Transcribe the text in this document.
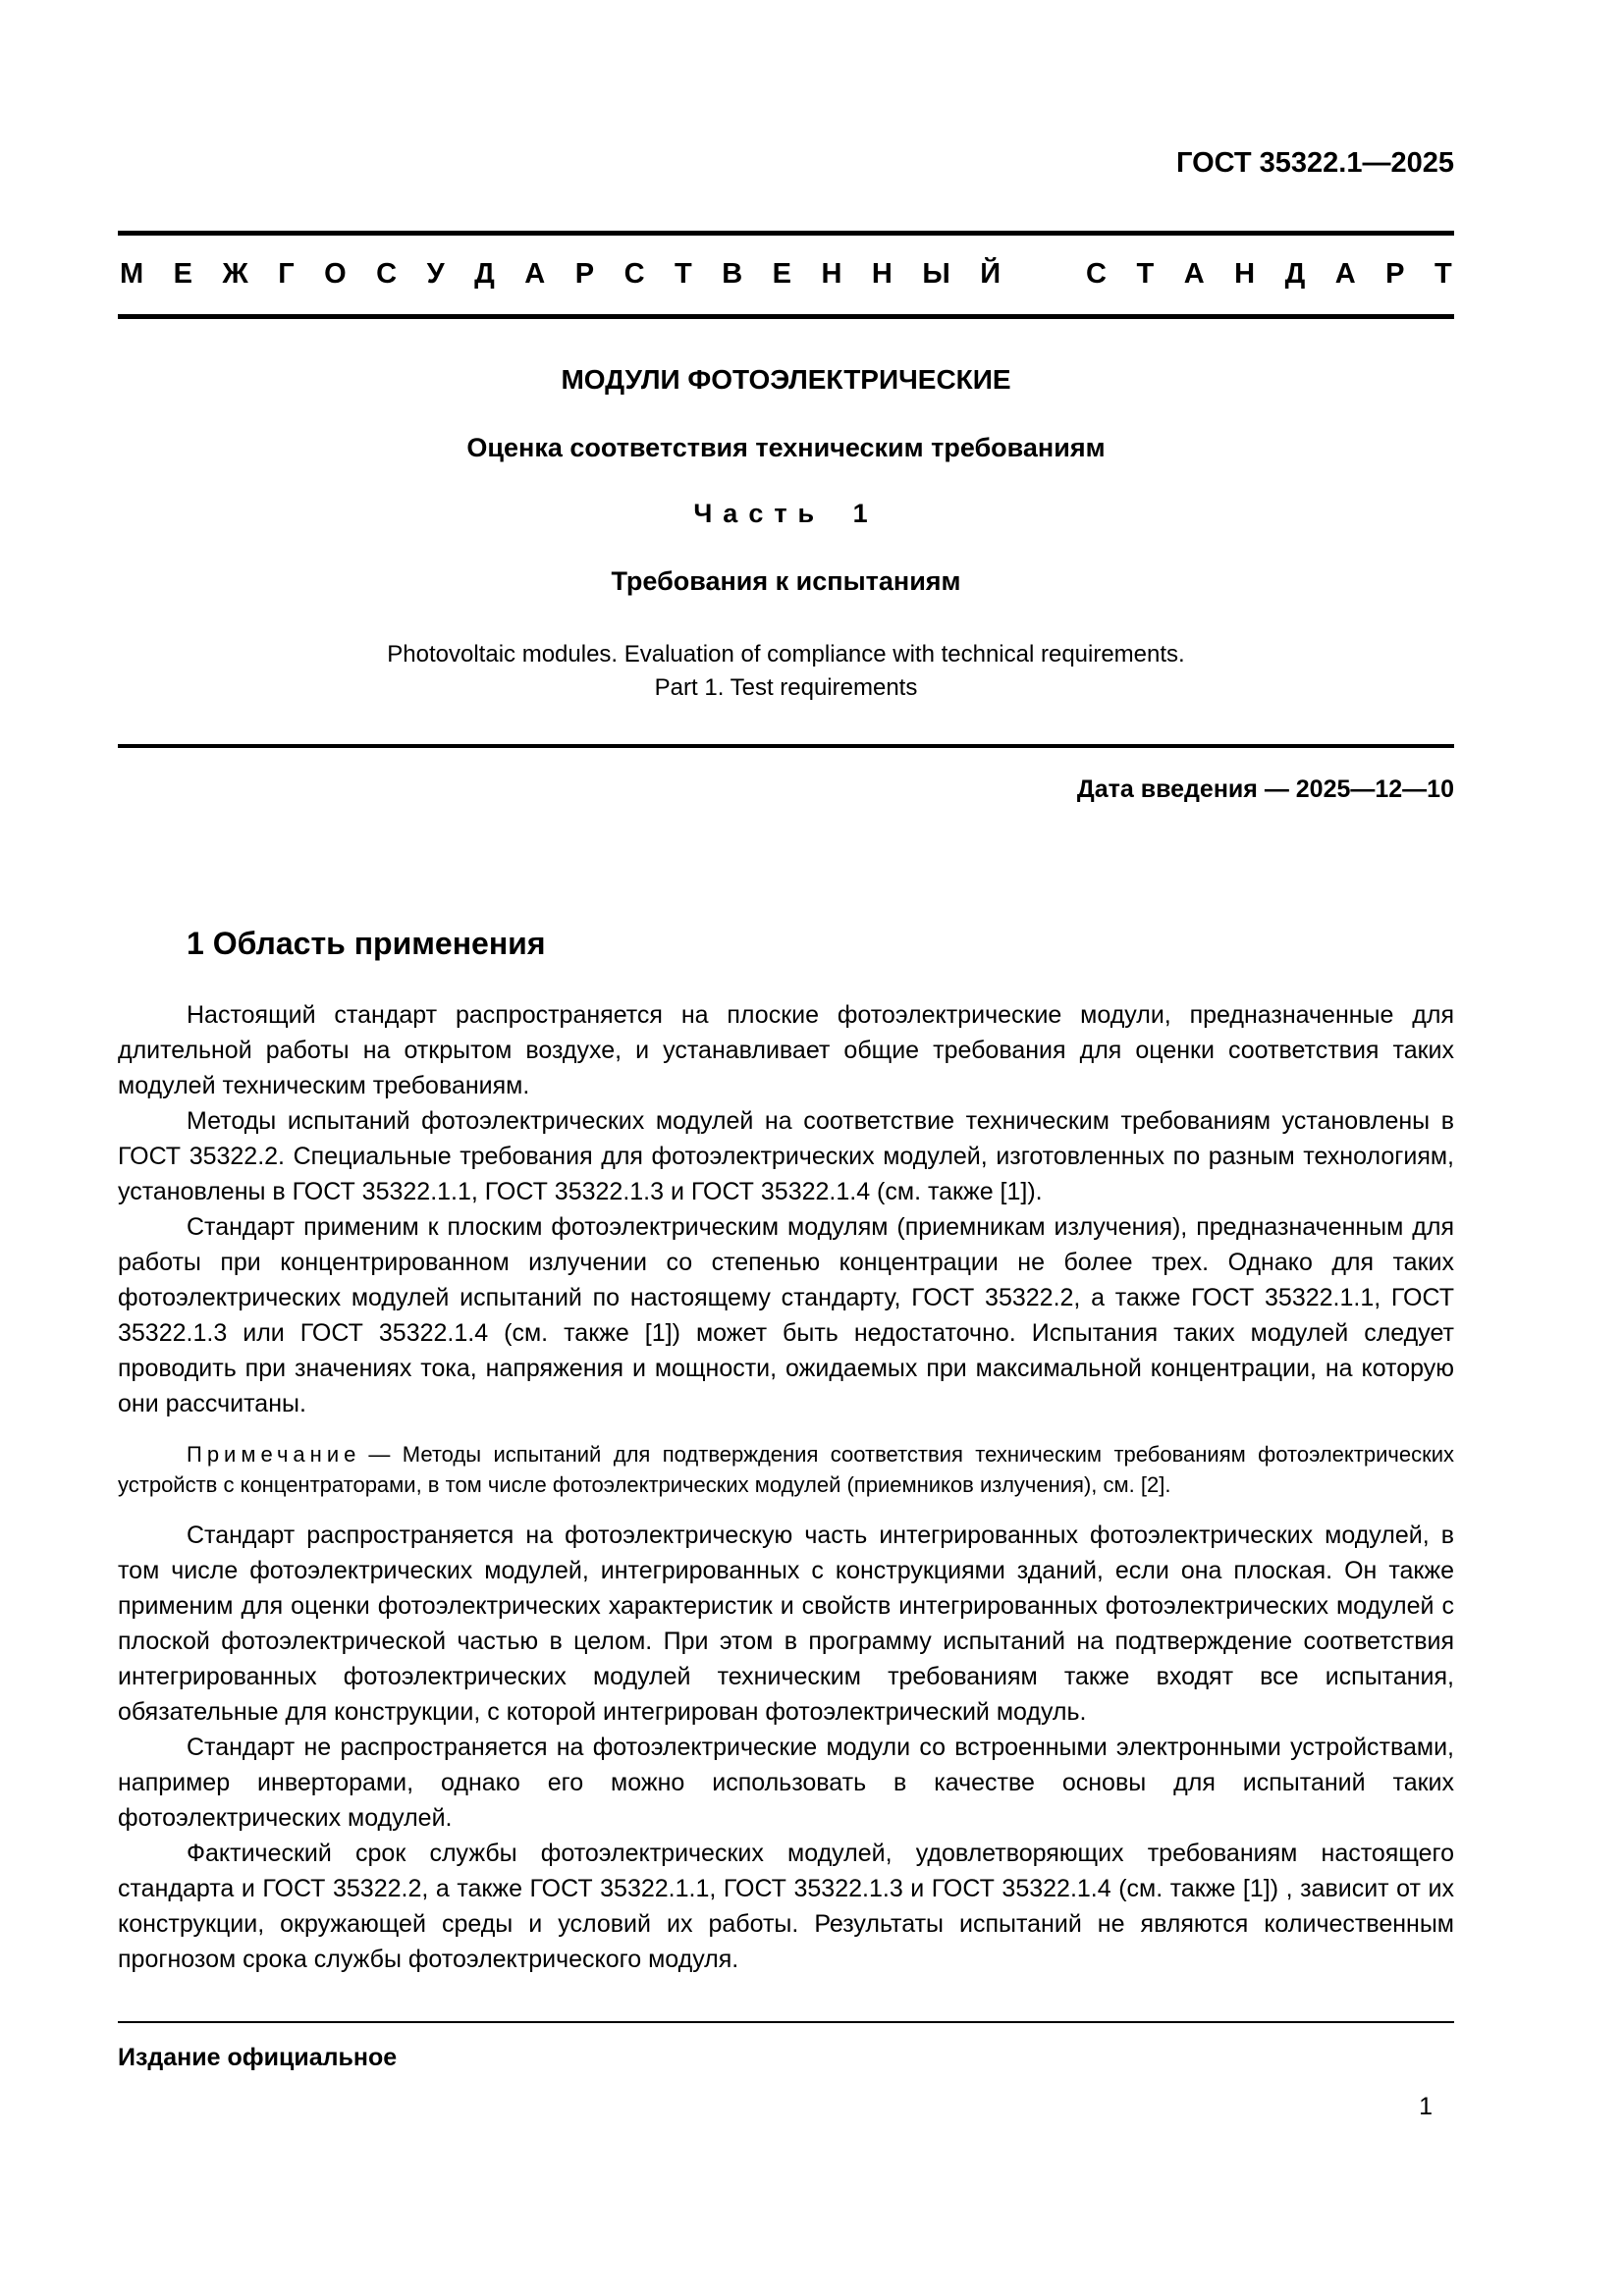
ГОСТ 35322.1—2025
М Е Ж Г О С У Д А Р С Т В Е Н Н Ы Й	С Т А Н Д А Р Т
МОДУЛИ ФОТОЭЛЕКТРИЧЕСКИЕ
Оценка соответствия техническим требованиям
Часть 1
Требования к испытаниям
Photovoltaic modules. Evaluation of compliance with technical requirements.
Part 1. Test requirements
Дата введения — 2025—12—10
1 Область применения

Настоящий стандарт распространяется на плоские фотоэлектрические модули, предназначенные для длительной работы на открытом воздухе, и устанавливает общие требования для оценки соответствия таких модулей техническим требованиям.

Методы испытаний фотоэлектрических модулей на соответствие техническим требованиям установлены в ГОСТ 35322.2. Специальные требования для фотоэлектрических модулей, изготовленных по разным технологиям, установлены в ГОСТ 35322.1.1, ГОСТ 35322.1.3 и ГОСТ 35322.1.4 (см. также [1]).

Стандарт применим к плоским фотоэлектрическим модулям (приемникам излучения), предназначенным для работы при концентрированном излучении со степенью концентрации не более трех. Однако для таких фотоэлектрических модулей испытаний по настоящему стандарту, ГОСТ 35322.2, а также ГОСТ 35322.1.1, ГОСТ 35322.1.3 или ГОСТ 35322.1.4 (см. также [1]) может быть недостаточно. Испытания таких модулей следует проводить при значениях тока, напряжения и мощности, ожидаемых при максимальной концентрации, на которую они рассчитаны.

Примечание — Методы испытаний для подтверждения соответствия техническим требованиям фотоэлектрических устройств с концентраторами, в том числе фотоэлектрических модулей (приемников излучения), см. [2].

Стандарт распространяется на фотоэлектрическую часть интегрированных фотоэлектрических модулей, в том числе фотоэлектрических модулей, интегрированных с конструкциями зданий, если она плоская. Он также применим для оценки фотоэлектрических характеристик и свойств интегрированных фотоэлектрических модулей с плоской фотоэлектрической частью в целом. При этом в программу испытаний на подтверждение соответствия интегрированных фотоэлектрических модулей техническим требованиям также входят все испытания, обязательные для конструкции, с которой интегрирован фотоэлектрический модуль.

Стандарт не распространяется на фотоэлектрические модули со встроенными электронными устройствами, например инверторами, однако его можно использовать в качестве основы для испытаний таких фотоэлектрических модулей.

Фактический срок службы фотоэлектрических модулей, удовлетворяющих требованиям настоящего стандарта и ГОСТ 35322.2, а также ГОСТ 35322.1.1, ГОСТ 35322.1.3 и ГОСТ 35322.1.4 (см. также [1]) , зависит от их конструкции, окружающей среды и условий их работы. Результаты испытаний не являются количественным прогнозом срока службы фотоэлектрического модуля.

Издание официальное
1
